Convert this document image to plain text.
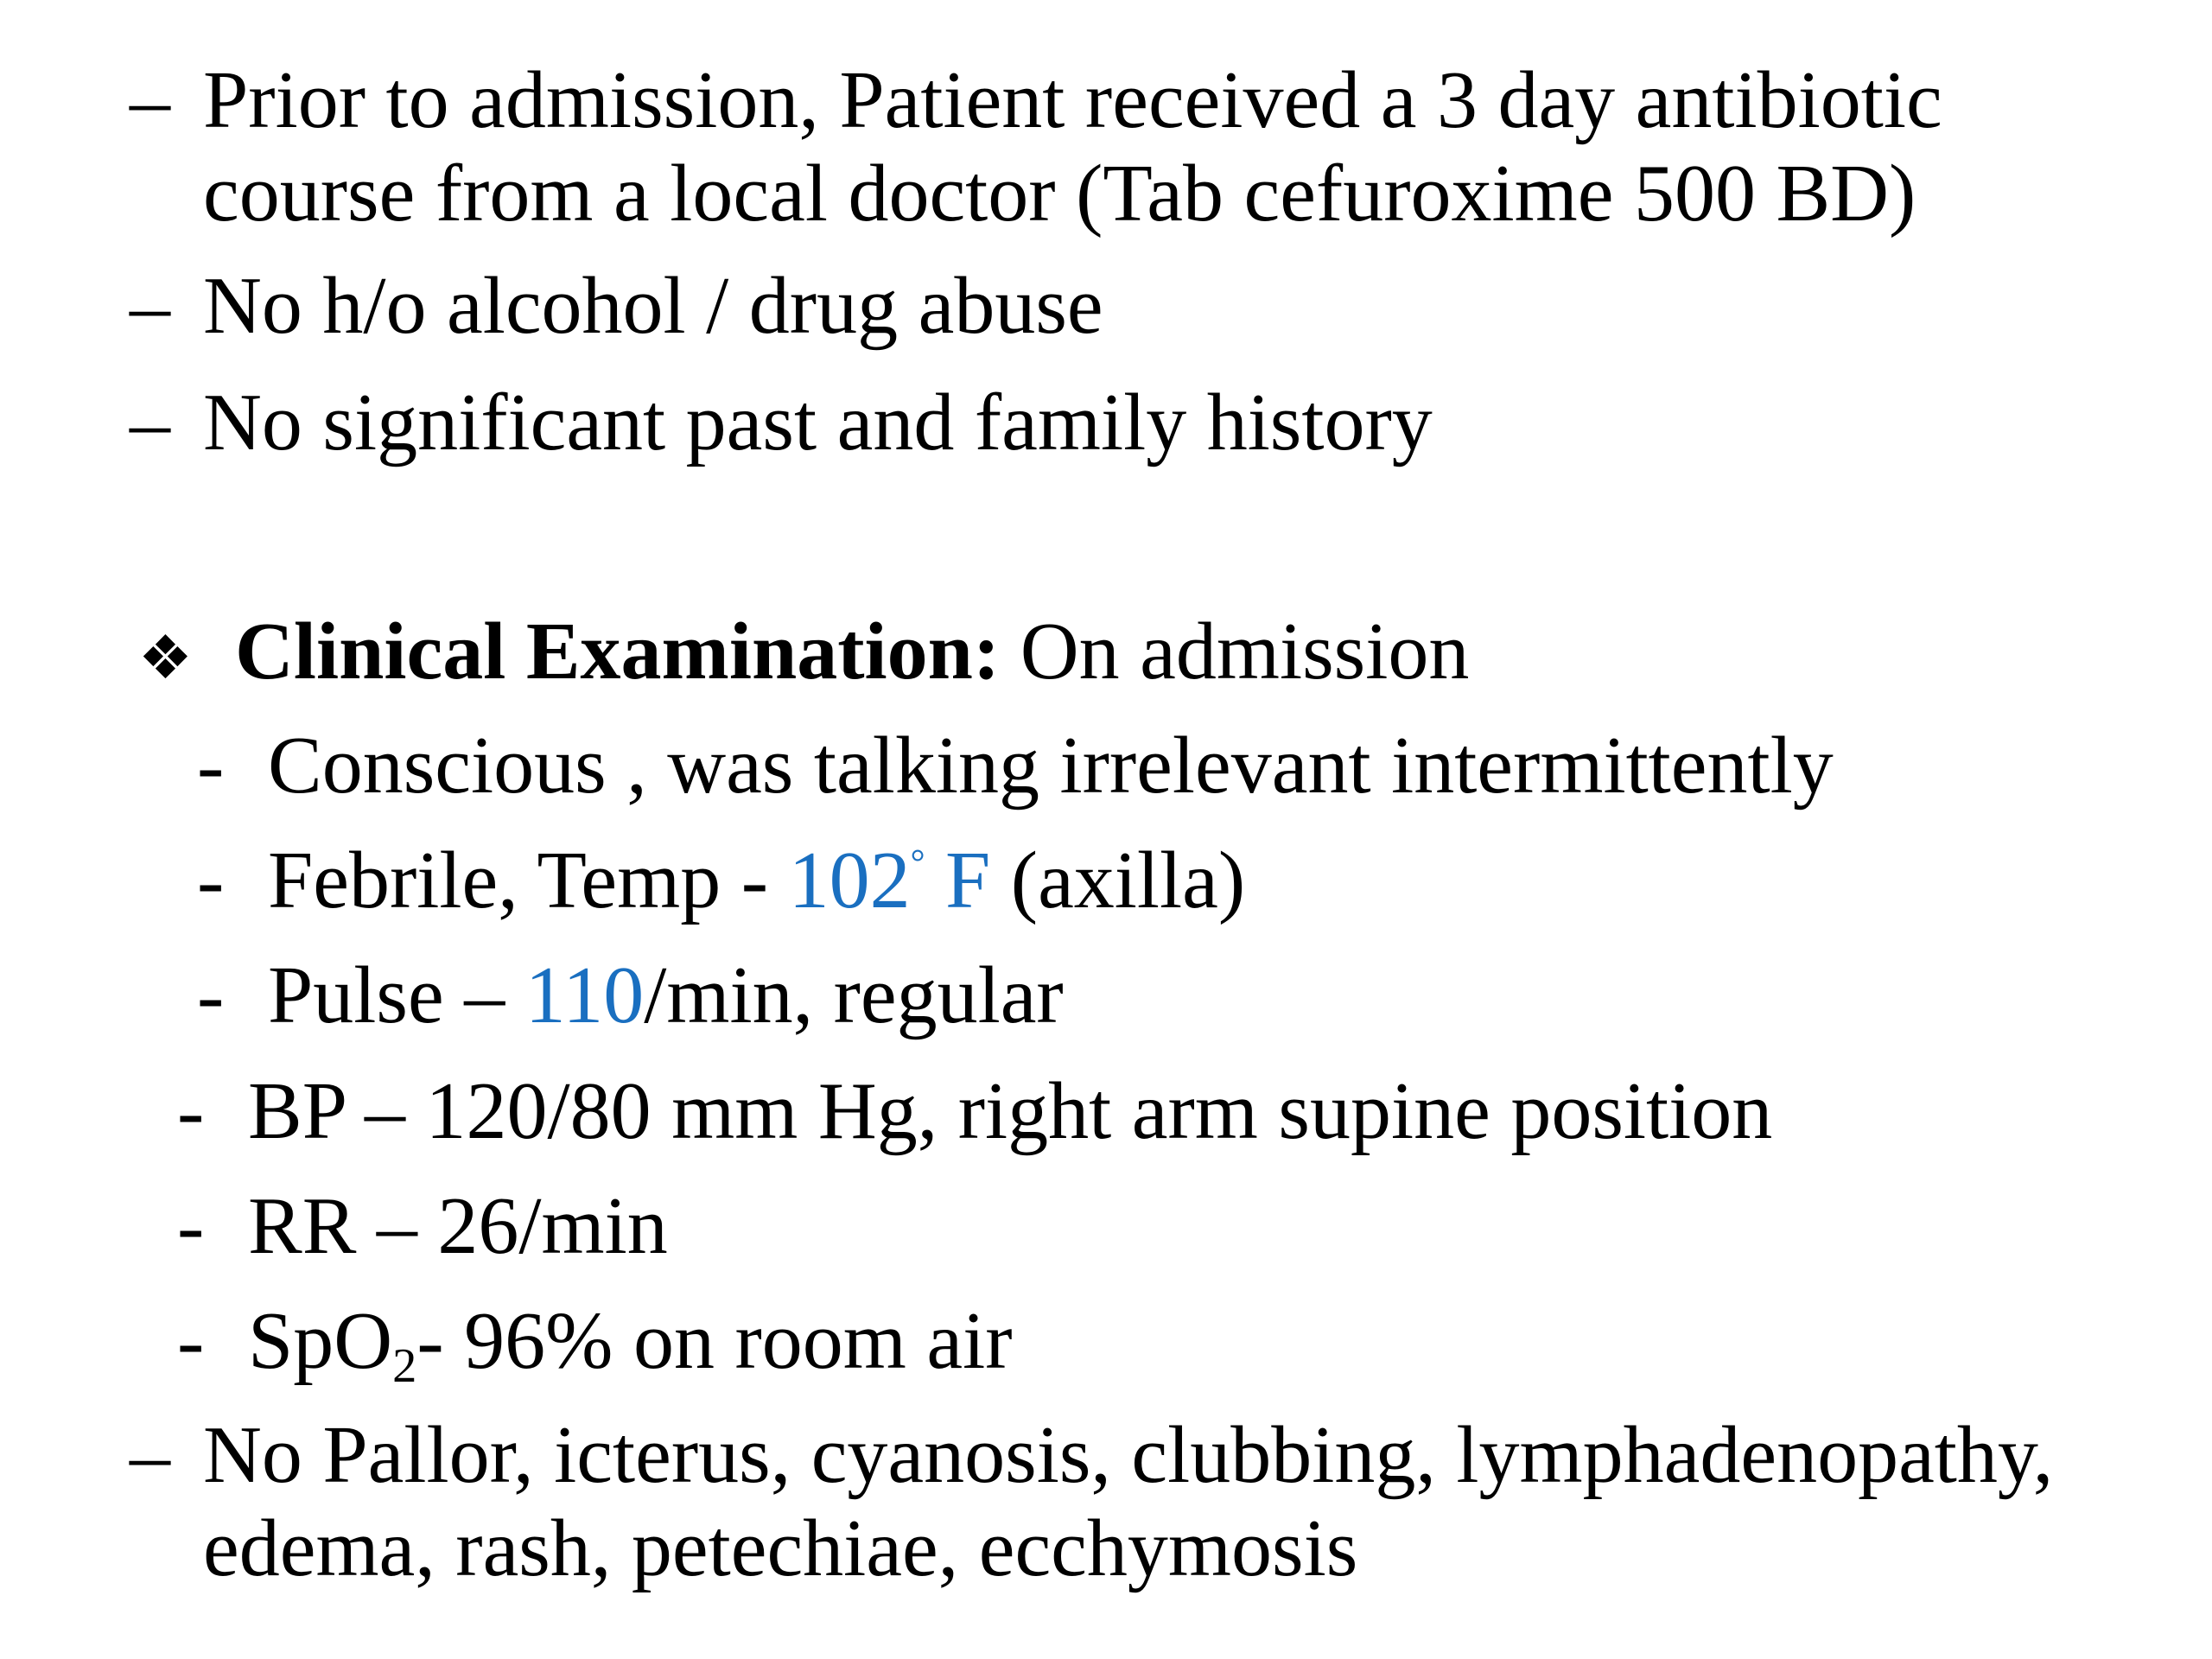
– Prior to admission, Patient received a 3 day antibiotic
course from a local doctor (Tab cefuroxime 500 BD)
– No h/o alcohol / drug abuse
– No significant past and family history
❖ Clinical Examination: On admission
- Conscious , was talking irrelevant intermittently
- Febrile, Temp - 102° F (axilla)
- Pulse – 110/min, regular
- BP – 120/80 mm Hg, right arm supine position
- RR – 26/min
- SpO$_2$- 96% on room air
– No Pallor, icterus, cyanosis, clubbing, lymphadenopathy,
edema, rash, petechiae, ecchymosis
